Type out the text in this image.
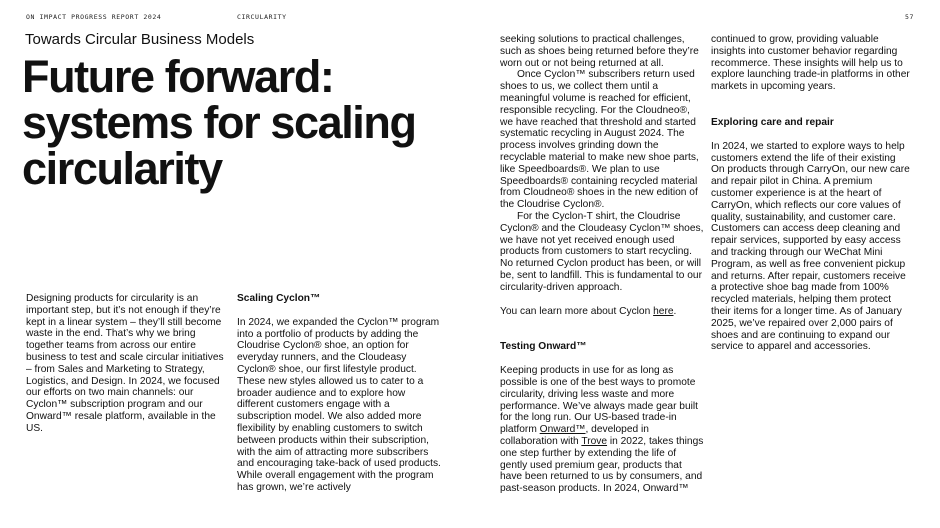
ON IMPACT PROGRESS REPORT 2024	CIRCULARITY	57
Towards Circular Business Models
Future forward: systems for scaling circularity

Designing products for circularity is an important step, but it’s not enough if they’re kept in a linear system – they’ll still become waste in the end. That’s why we bring together teams from across our entire business to test and scale circular initiatives – from Sales and Marketing to Strategy, Logistics, and Design. In 2024, we focused our efforts on two main channels: our Cyclon™ subscription program and our Onward™ resale platform, available in the US.

Scaling Cyclon™

In 2024, we expanded the Cyclon™ program into a portfolio of products by adding the Cloudrise Cyclon® shoe, an option for everyday runners, and the Cloudeasy Cyclon® shoe, our first lifestyle product. These new styles allowed us to cater to a broader audience and to explore how different customers engage with a subscription model. We also added more flexibility by enabling customers to switch between products within their subscription, with the aim of attracting more subscribers and encouraging take-back of used products. While overall engagement with the program has grown, we’re actively

seeking solutions to practical challenges, such as shoes being returned before they’re worn out or not being returned at all.

Once Cyclon™ subscribers return used shoes to us, we collect them until a meaningful volume is reached for efficient, responsible recycling. For the Cloudneo®, we have reached that threshold and started systematic recycling in August 2024. The process involves grinding down the recyclable material to make new shoe parts, like Speedboards®. We plan to use Speedboards® containing recycled material from Cloudneo® shoes in the new edition of the Cloudrise Cyclon®.

For the Cyclon-T shirt, the Cloudrise Cyclon® and the Cloudeasy Cyclon™ shoes, we have not yet received enough used products from customers to start recycling. No returned Cyclon product has been, or will be, sent to landfill. This is fundamental to our circularity-driven approach.

You can learn more about Cyclon here.

Testing Onward™

Keeping products in use for as long as possible is one of the best ways to promote circularity, driving less waste and more performance. We’ve always made gear built for the long run. Our US-based trade-in platform Onward™, developed in collaboration with Trove in 2022, takes things one step further by extending the life of gently used premium gear, products that have been returned to us by consumers, and past-season products. In 2024, Onward™

continued to grow, providing valuable insights into customer behavior regarding recommerce. These insights will help us to explore launching trade-in platforms in other markets in upcoming years.

Exploring care and repair

In 2024, we started to explore ways to help customers extend the life of their existing On products through CarryOn, our new care and repair pilot in China. A premium customer experience is at the heart of CarryOn, which reflects our core values of quality, sustainability, and customer care. Customers can access deep cleaning and repair services, supported by easy access and tracking through our WeChat Mini Program, as well as free convenient pickup and returns. After repair, customers receive a protective shoe bag made from 100% recycled materials, helping them protect their items for a longer time. As of January 2025, we’ve repaired over 2,000 pairs of shoes and are continuing to expand our service to apparel and accessories.
